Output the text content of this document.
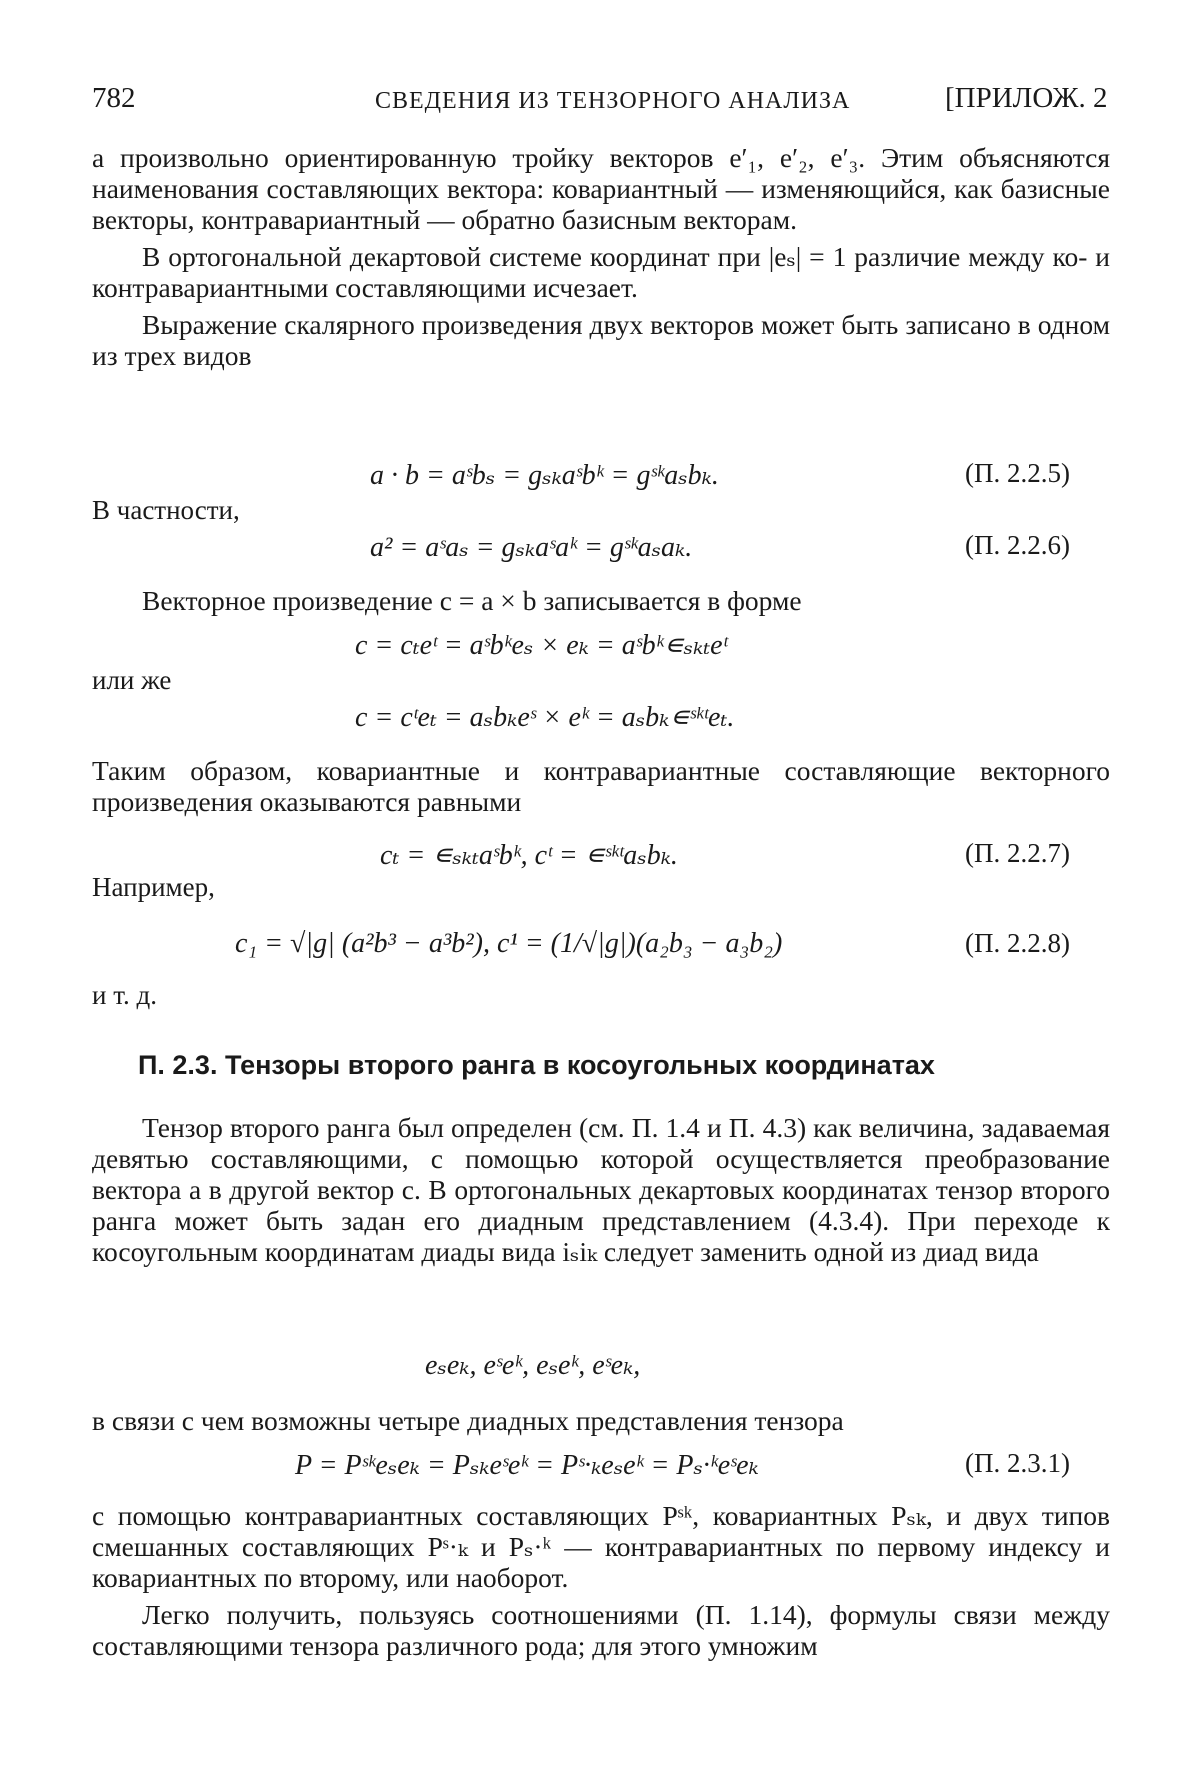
782	СВЕДЕНИЯ ИЗ ТЕНЗОРНОГО АНАЛИЗА	[ПРИЛОЖ. 2

а произвольно ориентированную тройку векторов e′₁, e′₂, e′₃. Этим объясняются наименования составляющих вектора: ковариантный — изменяющийся, как базисные векторы, контравариантный — обратно базисным векторам.

В ортогональной декартовой системе координат при |eₛ| = 1 различие между ко- и контравариантными составляющими исчезает.

Выражение скалярного произведения двух векторов может быть записано в одном из трех видов

a · b = aˢbₛ = gₛₖaˢbᵏ = gˢᵏaₛbₖ.	(П. 2.2.5)
В частности,
a² = aˢaₛ = gₛₖaˢaᵏ = gˢᵏaₛaₖ.	(П. 2.2.6)

Векторное произведение c = a × b записывается в форме

c = cₜeᵗ = aˢbᵏeₛ × eₖ = aˢbᵏ∊ₛₖₜeᵗ
или же
c = cᵗeₜ = aₛbₖeˢ × eᵏ = aₛbₖ∊ˢᵏᵗeₜ.

Таким образом, ковариантные и контравариантные составляющие векторного произведения оказываются равными

cₜ = ∊ₛₖₜaˢbᵏ, cᵗ = ∊ˢᵏᵗaₛbₖ.	(П. 2.2.7)
Например,
c₁ = √|g| (a²b³ − a³b²), c¹ = (1/√|g|)(a₂b₃ − a₃b₂)	(П. 2.2.8)
и т. д.
П. 2.3. Тензоры второго ранга в косоугольных координатах

Тензор второго ранга был определен (см. П. 1.4 и П. 4.3) как величина, задаваемая девятью составляющими, с помощью которой осуществляется преобразование вектора a в другой вектор c. В ортогональных декартовых координатах тензор второго ранга может быть задан его диадным представлением (4.3.4). При переходе к косоугольным координатам диады вида iₛiₖ следует заменить одной из диад вида

eₛeₖ, eˢeᵏ, eₛeᵏ, eˢeₖ,

в связи с чем возможны четыре диадных представления тензора

P = Pˢᵏeₛeₖ = Pₛₖeˢeᵏ = Pˢ·ₖeₛeᵏ = Pₛ·ᵏeˢeₖ	(П. 2.3.1)

с помощью контравариантных составляющих Pˢᵏ, ковариантных Pₛₖ, и двух типов смешанных составляющих Pˢ·ₖ и Pₛ·ᵏ — контравариантных по первому индексу и ковариантных по второму, или наоборот.

Легко получить, пользуясь соотношениями (П. 1.14), формулы связи между составляющими тензора различного рода; для этого умножим
